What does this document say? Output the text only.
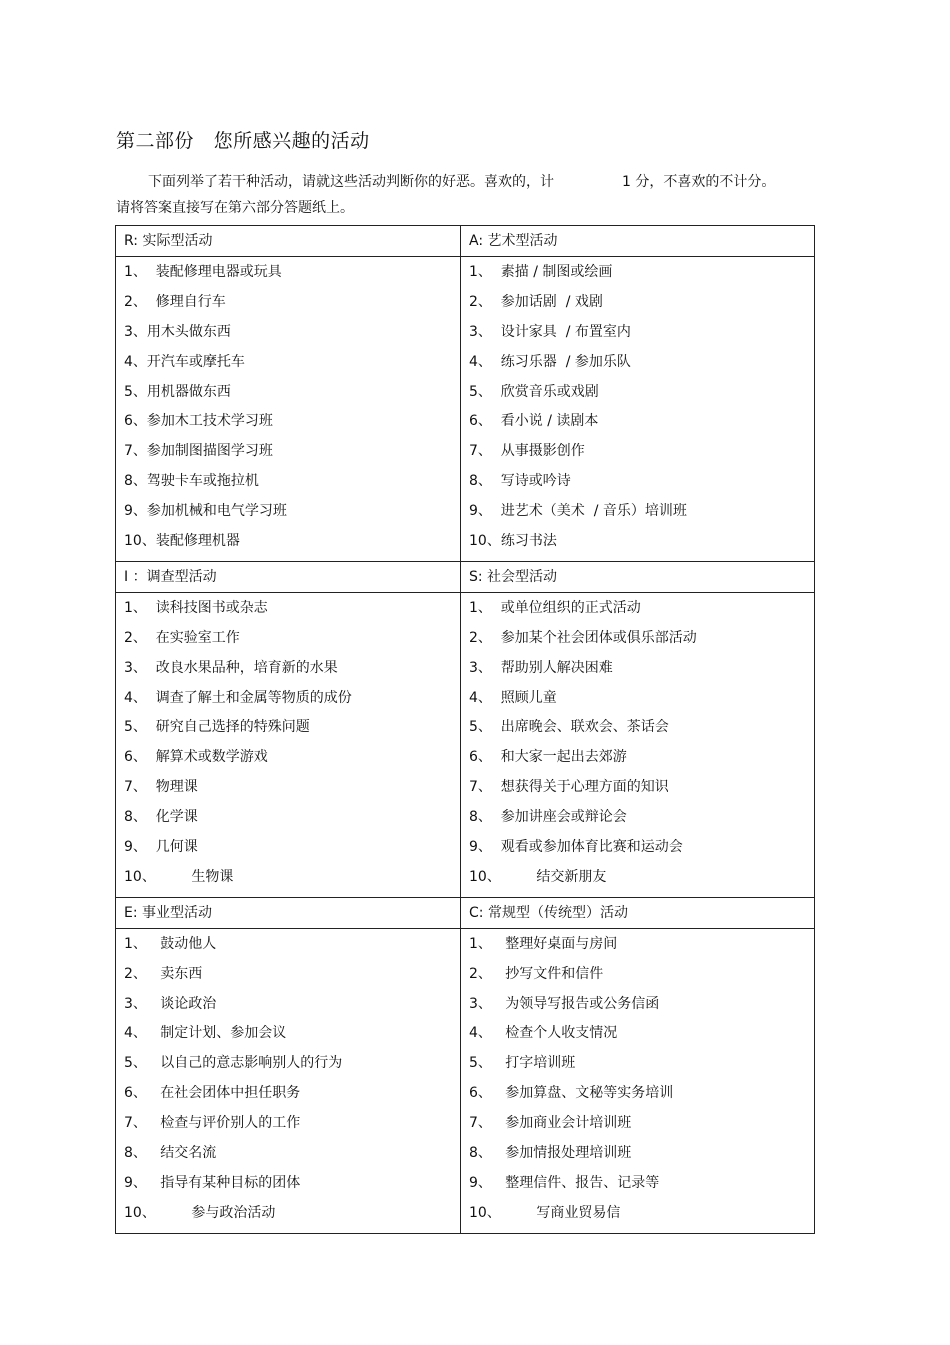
第二部份   您所感兴趣的活动
下面列举了若干种活动，请就这些活动判断你的好恶。喜欢的，计	1 分，不喜欢的不计分。
请将答案直接写在第六部分答题纸上。
R: 实际型活动	A: 艺术型活动
1、  装配修理电器或玩具
2、  修理自行车
3、用木头做东西
4、开汽车或摩托车
5、用机器做东西
6、参加木工技术学习班
7、参加制图描图学习班
8、驾驶卡车或拖拉机
9、参加机械和电气学习班
10、装配修理机器
1、  素描 / 制图或绘画
2、  参加话剧  / 戏剧
3、  设计家具  / 布置室内
4、  练习乐器  / 参加乐队
5、  欣赏音乐或戏剧
6、  看小说 / 读剧本
7、  从事摄影创作
8、  写诗或吟诗
9、  进艺术（美术  / 音乐）培训班
10、练习书法
I ：调查型活动	S: 社会型活动
1、  读科技图书或杂志
2、  在实验室工作
3、  改良水果品种，培育新的水果
4、  调查了解土和金属等物质的成份
5、  研究自己选择的特殊问题
6、  解算术或数学游戏
7、  物理课
8、  化学课
9、  几何课
10、        生物课
1、  或单位组织的正式活动
2、  参加某个社会团体或俱乐部活动
3、  帮助别人解决困难
4、  照顾儿童
5、  出席晚会、联欢会、茶话会
6、  和大家一起出去郊游
7、  想获得关于心理方面的知识
8、  参加讲座会或辩论会
9、  观看或参加体育比赛和运动会
10、        结交新朋友
E: 事业型活动	C: 常规型（传统型）活动
1、   鼓动他人
2、   卖东西
3、   谈论政治
4、   制定计划、参加会议
5、   以自己的意志影响别人的行为
6、   在社会团体中担任职务
7、   检查与评价别人的工作
8、   结交名流
9、   指导有某种目标的团体
10、        参与政治活动
1、   整理好桌面与房间
2、   抄写文件和信件
3、   为领导写报告或公务信函
4、   检查个人收支情况
5、   打字培训班
6、   参加算盘、文秘等实务培训
7、   参加商业会计培训班
8、   参加情报处理培训班
9、   整理信件、报告、记录等
10、        写商业贸易信
